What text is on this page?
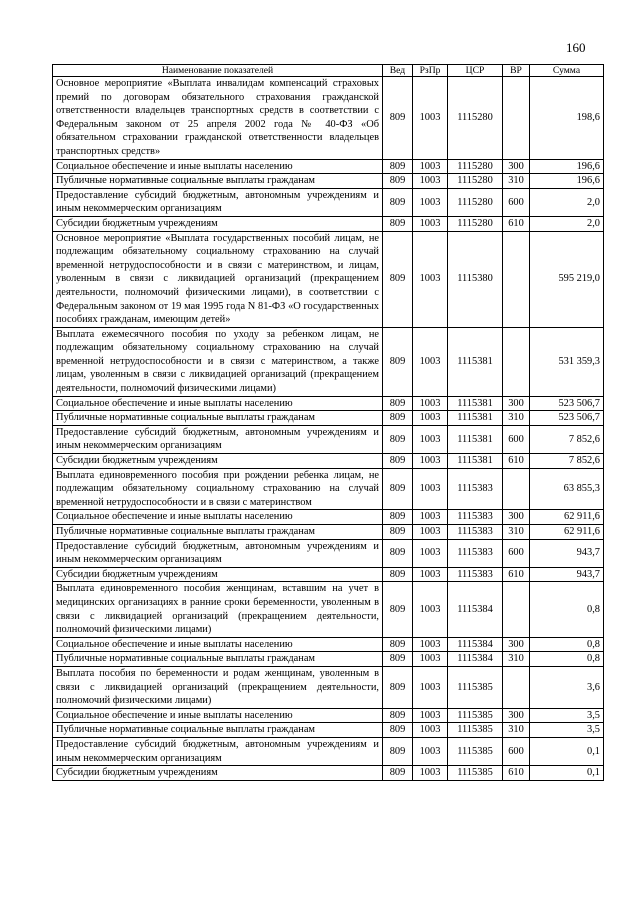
160
Наименование показателей	Вед	РзПр	ЦСР	ВР	Сумма
Основное мероприятие «Выплата инвалидам компенсаций страховых премий по договорам обязательного страхования гражданской ответственности владельцев транспортных средств в соответствии с Федеральным законом от 25 апреля 2002 года № 40-ФЗ «Об обязательном страховании гражданской ответственности владельцев транспортных средств»	809	1003	1115280		198,6
Социальное обеспечение и иные выплаты населению	809	1003	1115280	300	196,6
Публичные нормативные социальные выплаты гражданам	809	1003	1115280	310	196,6
Предоставление субсидий бюджетным, автономным учреждениям и иным некоммерческим организациям	809	1003	1115280	600	2,0
Субсидии бюджетным учреждениям	809	1003	1115280	610	2,0
Основное мероприятие «Выплата государственных пособий лицам, не подлежащим обязательному социальному страхованию на случай временной нетрудоспособности и в связи с материнством, и лицам, уволенным в связи с ликвидацией организаций (прекращением деятельности, полномочий физическими лицами), в соответствии с Федеральным законом от 19 мая 1995 года N 81-ФЗ «О государственных пособиях гражданам, имеющим детей»	809	1003	1115380		595 219,0
Выплата ежемесячного пособия по уходу за ребенком лицам, не подлежащим обязательному социальному страхованию на случай временной нетрудоспособности и в связи с материнством, а также лицам, уволенным в связи с ликвидацией организаций (прекращением деятельности, полномочий физическими лицами)	809	1003	1115381		531 359,3
Социальное обеспечение и иные выплаты населению	809	1003	1115381	300	523 506,7
Публичные нормативные социальные выплаты гражданам	809	1003	1115381	310	523 506,7
Предоставление субсидий бюджетным, автономным учреждениям и иным некоммерческим организациям	809	1003	1115381	600	7 852,6
Субсидии бюджетным учреждениям	809	1003	1115381	610	7 852,6
Выплата единовременного пособия при рождении ребенка лицам, не подлежащим обязательному социальному страхованию на случай временной нетрудоспособности и в связи с материнством	809	1003	1115383		63 855,3
Социальное обеспечение и иные выплаты населению	809	1003	1115383	300	62 911,6
Публичные нормативные социальные выплаты гражданам	809	1003	1115383	310	62 911,6
Предоставление субсидий бюджетным, автономным учреждениям и иным некоммерческим организациям	809	1003	1115383	600	943,7
Субсидии бюджетным учреждениям	809	1003	1115383	610	943,7
Выплата единовременного пособия женщинам, вставшим на учет в медицинских организациях в ранние сроки беременности, уволенным в связи с ликвидацией организаций (прекращением деятельности, полномочий физическими лицами)	809	1003	1115384		0,8
Социальное обеспечение и иные выплаты населению	809	1003	1115384	300	0,8
Публичные нормативные социальные выплаты гражданам	809	1003	1115384	310	0,8
Выплата пособия по беременности и родам женщинам, уволенным в связи с ликвидацией организаций (прекращением деятельности, полномочий физическими лицами)	809	1003	1115385		3,6
Социальное обеспечение и иные выплаты населению	809	1003	1115385	300	3,5
Публичные нормативные социальные выплаты гражданам	809	1003	1115385	310	3,5
Предоставление субсидий бюджетным, автономным учреждениям и иным некоммерческим организациям	809	1003	1115385	600	0,1
Субсидии бюджетным учреждениям	809	1003	1115385	610	0,1
